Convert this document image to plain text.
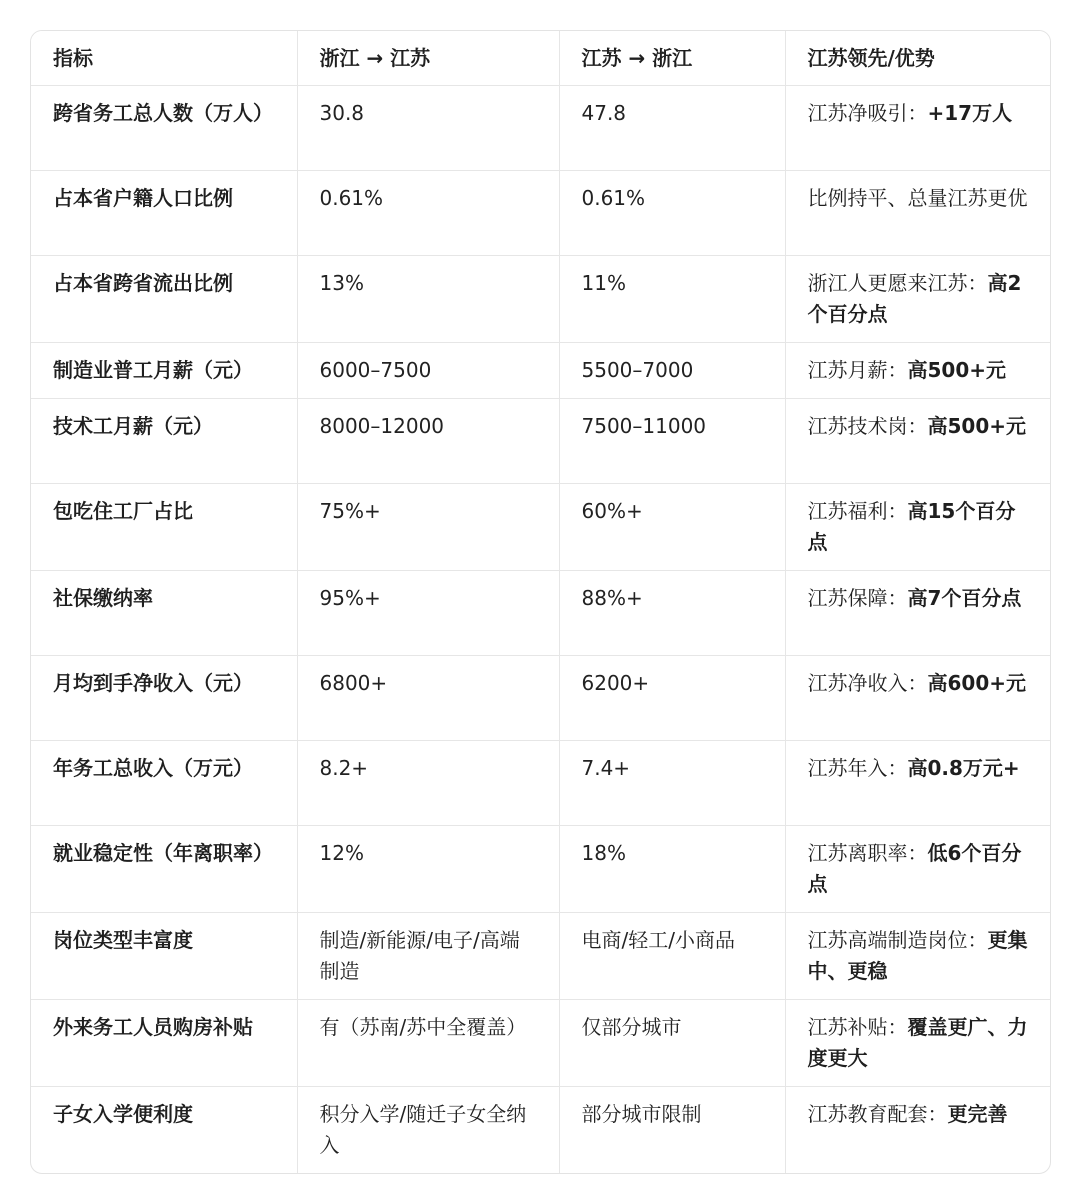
指标	浙江 → 江苏	江苏 → 浙江	江苏领先/优势
跨省务工总人数（万人）	30.8	47.8	江苏净吸引：+17万人
占本省户籍人口比例	0.61%	0.61%	比例持平、总量江苏更优
占本省跨省流出比例	13%	11%	浙江人更愿来江苏：高2个百分点
制造业普工月薪（元）	6000–7500	5500–7000	江苏月薪：高500+元
技术工月薪（元）	8000–12000	7500–11000	江苏技术岗：高500+元
包吃住工厂占比	75%+	60%+	江苏福利：高15个百分点
社保缴纳率	95%+	88%+	江苏保障：高7个百分点
月均到手净收入（元）	6800+	6200+	江苏净收入：高600+元
年务工总收入（万元）	8.2+	7.4+	江苏年入：高0.8万元+
就业稳定性（年离职率）	12%	18%	江苏离职率：低6个百分点
岗位类型丰富度	制造/新能源/电子/高端制造	电商/轻工/小商品	江苏高端制造岗位：更集中、更稳
外来务工人员购房补贴	有（苏南/苏中全覆盖）	仅部分城市	江苏补贴：覆盖更广、力度更大
子女入学便利度	积分入学/随迁子女全纳入	部分城市限制	江苏教育配套：更完善
